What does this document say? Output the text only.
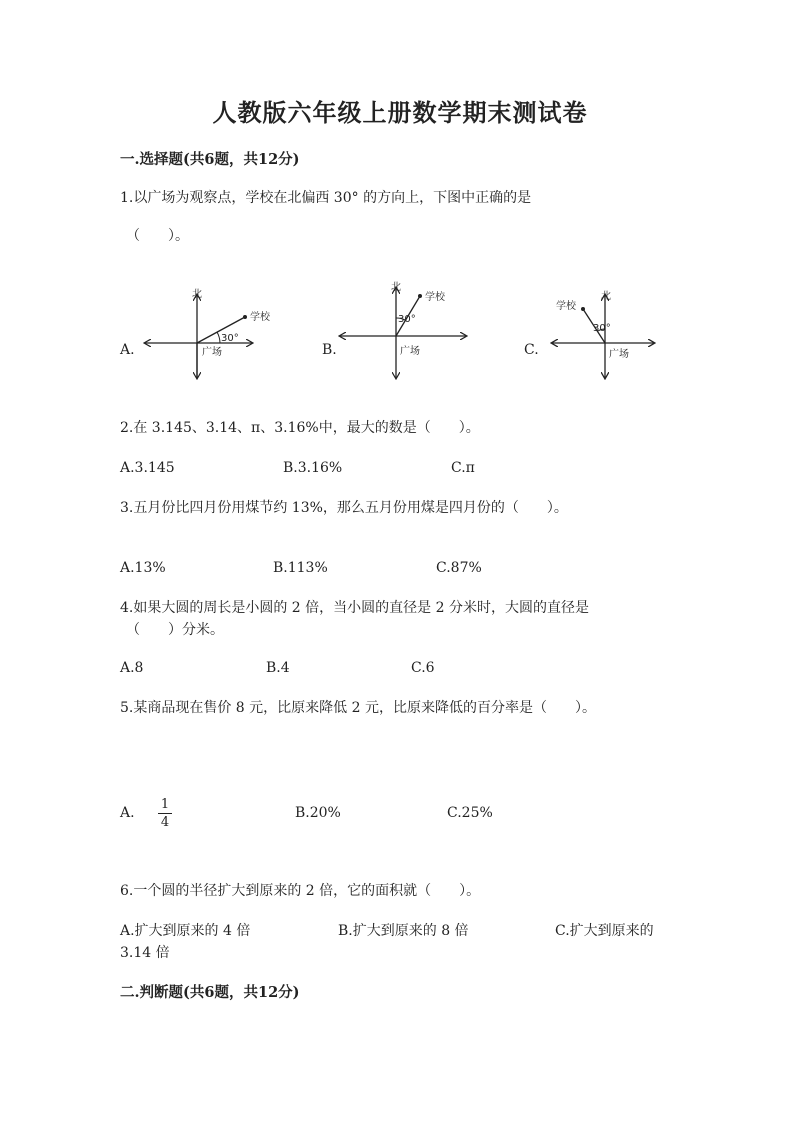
人教版六年级上册数学期末测试卷
一.选择题(共6题，共12分)
1.以广场为观察点，学校在北偏西 30° 的方向上，下图中正确的是
（　　）。
A.
北
学校
30°
广场	B.
北
学校
30°
广场	C.
北
学校
30°
广场
2.在 3.145、3.14、π、3.16%中，最大的数是（　　）。
A.3.145	B.3.16%	C.π
3.五月份比四月份用煤节约 13%，那么五月份用煤是四月份的（　　）。
A.13%	B.113%	C.87%
4.如果大圆的周长是小圆的 2 倍，当小圆的直径是 2 分米时，大圆的直径是
（　　）分米。
A.8	B.4	C.6
5.某商品现在售价 8 元，比原来降低 2 元，比原来降低的百分率是（　　）。
A.
1
4
B.20%	C.25%
6.一个圆的半径扩大到原来的 2 倍，它的面积就（　　）。
A.扩大到原来的 4 倍	B.扩大到原来的 8 倍	C.扩大到原来的
3.14 倍
二.判断题(共6题，共12分)
